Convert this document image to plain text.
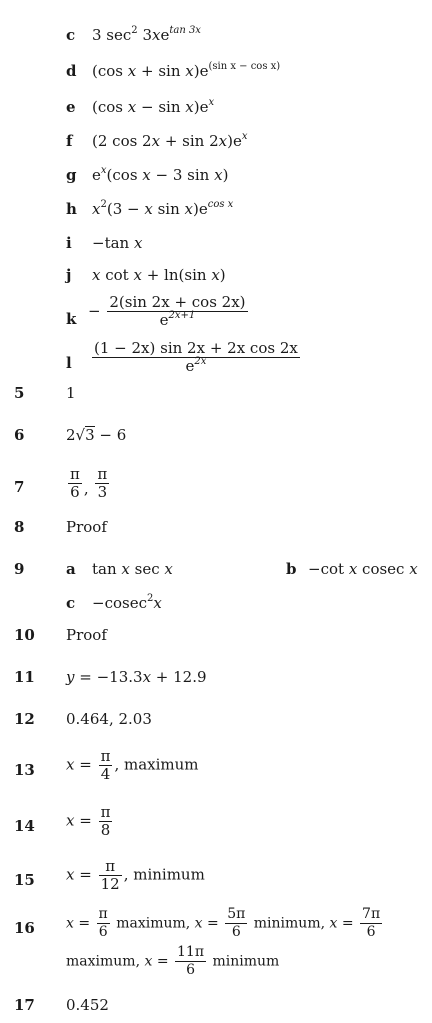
c 3 $\sec^2 3xe^{tan 3x}$
d (cos $x + \sin x)e^{(sin x - cos x)}$
e (cos $x - \sin x)e^x$
f (2 $\cos 2x + \sin 2x)e^x$
g $e^x(\cos$ x − 3 sin x)
h $x^2(3 - x$ $\sin x)e^{cos x}$
i −tan x
j x cot x + ln(sin x)
$k - \frac{2(\sin 2x + \cos 2x)}{e^{2x+1}}$
l $\frac{\text{(1 − 2x) sin 2x + 2x cos 2x}}{e^{2x}}$
5	1
6	2√3 − 6
7	$\frac{\pi}{6}$ , $\frac{\pi}{3}$
8	Proof
9	a tan x sec x	b −cot x cosec x
c −cosec$^2$x
10 Proof
11 y = −13.3x + 12.9
12 0.464, 2.03
13 $x = \frac{\pi}{4}$ , maximum
14 $x = \frac{\pi}{8}$
15 $x = \frac{\pi}{12}$ , minimum
16 $x = \frac{\pi}{6}$ maximum, $x = \frac{5\pi}{6}$ minimum, $x = \frac{7\pi}{6}$
maximum, $x = \frac{11\pi}{6}$ minimum
17 0.452
